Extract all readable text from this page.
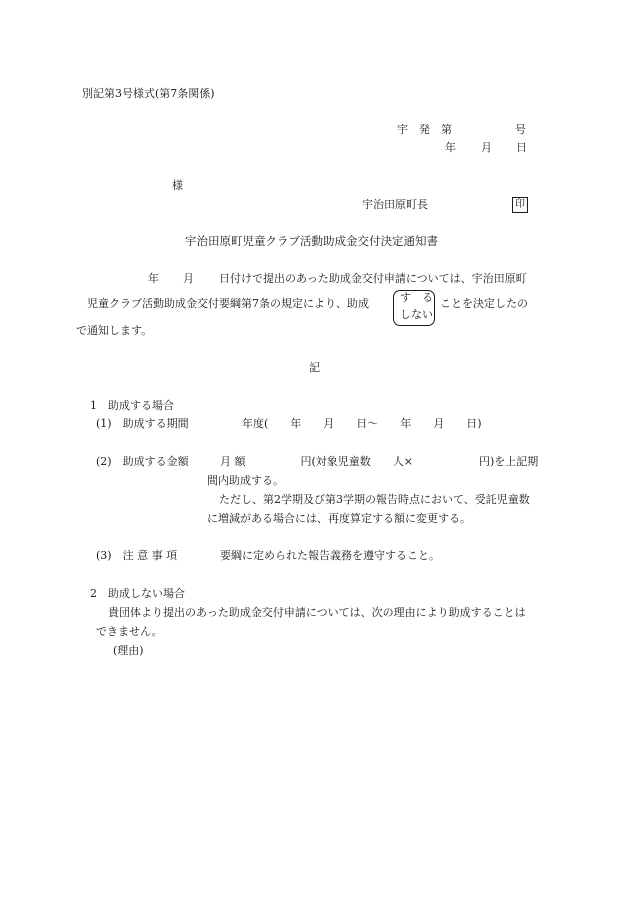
別記第3号様式(第7条関係)
宇　発　第	号
年 月 日
様
宇治田原町長	印
宇治田原町児童クラブ活動助成金交付決定通知書
年 月 日付けで提出のあった助成金交付申請については、宇治田原町
児童クラブ活動助成金交付要綱第7条の規定により、助成	す　る
しない
ことを決定したの
で通知します。
記
1　助成する場合
(1)　助成する期間	年度(　　年　　月　　日〜　　年　　月　　日)
(2)　助成する金額	月 額　　　　　円(対象児童数　　人×　　　　　　円)を上記期
間内助成する。
ただし、第2学期及び第3学期の報告時点において、受託児童数
に増減がある場合には、再度算定する額に変更する。
(3)　注 意 事 項	要綱に定められた報告義務を遵守すること。
2　助成しない場合
貴団体より提出のあった助成金交付申請については、次の理由により助成することは
できません。
(理由)
